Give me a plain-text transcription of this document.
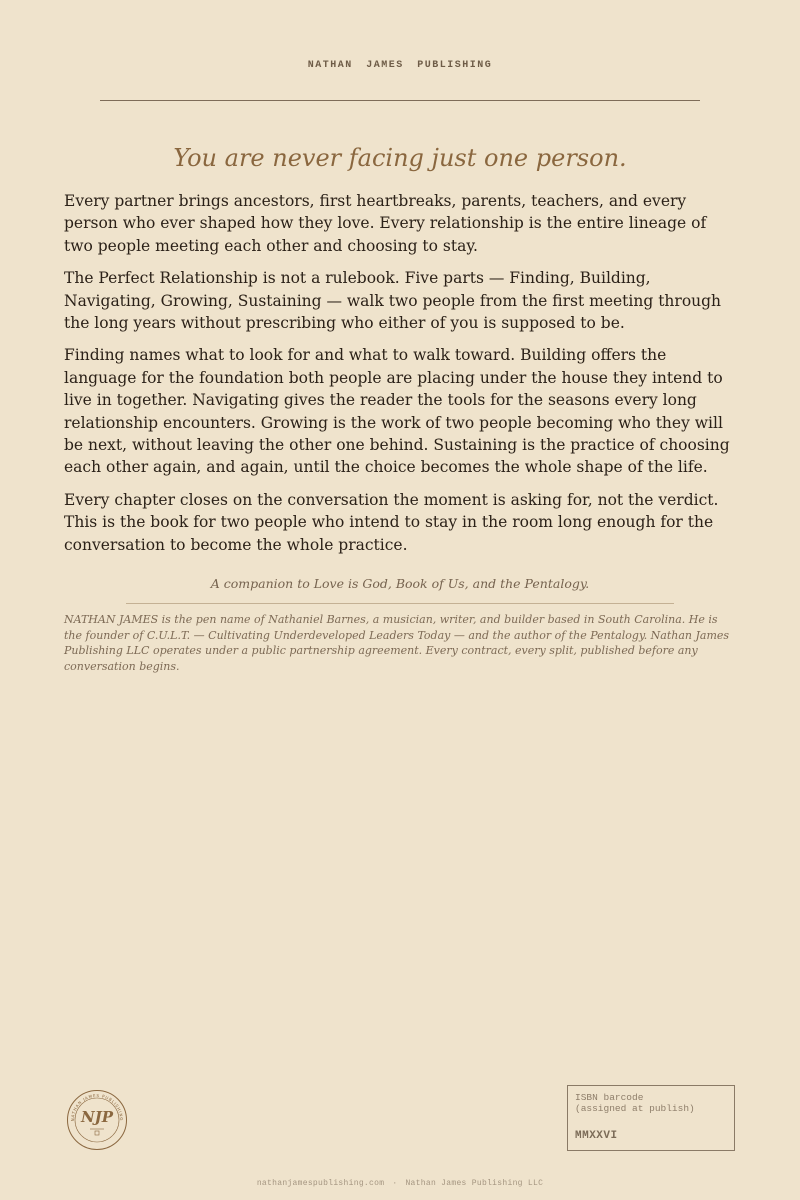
NATHAN JAMES PUBLISHING
You are never facing just one person.

Every partner brings ancestors, first heartbreaks, parents, teachers, and every person who ever shaped how they love. Every relationship is the entire lineage of two people meeting each other and choosing to stay.

The Perfect Relationship is not a rulebook. Five parts — Finding, Building, Navigating, Growing, Sustaining — walk two people from the first meeting through the long years without prescribing who either of you is supposed to be.

Finding names what to look for and what to walk toward. Building offers the language for the foundation both people are placing under the house they intend to live in together. Navigating gives the reader the tools for the seasons every long relationship encounters. Growing is the work of two people becoming who they will be next, without leaving the other one behind. Sustaining is the practice of choosing each other again, and again, until the choice becomes the whole shape of the life.

Every chapter closes on the conversation the moment is asking for, not the verdict. This is the book for two people who intend to stay in the room long enough for the conversation to become the whole practice.

A companion to Love is God, Book of Us, and the Pentalogy.
NATHAN JAMES is the pen name of Nathaniel Barnes, a musician, writer, and builder based in South Carolina. He is the founder of C.U.L.T. — Cultivating Underdeveloped Leaders Today — and the author of the Pentalogy. Nathan James Publishing LLC operates under a public partnership agreement. Every contract, every split, published before any conversation begins.
NATHAN JAMES PUBLISHING
NJP
ISBN barcode
(assigned at publish)
MMXXVI
nathanjamespublishing.com · Nathan James Publishing LLC
